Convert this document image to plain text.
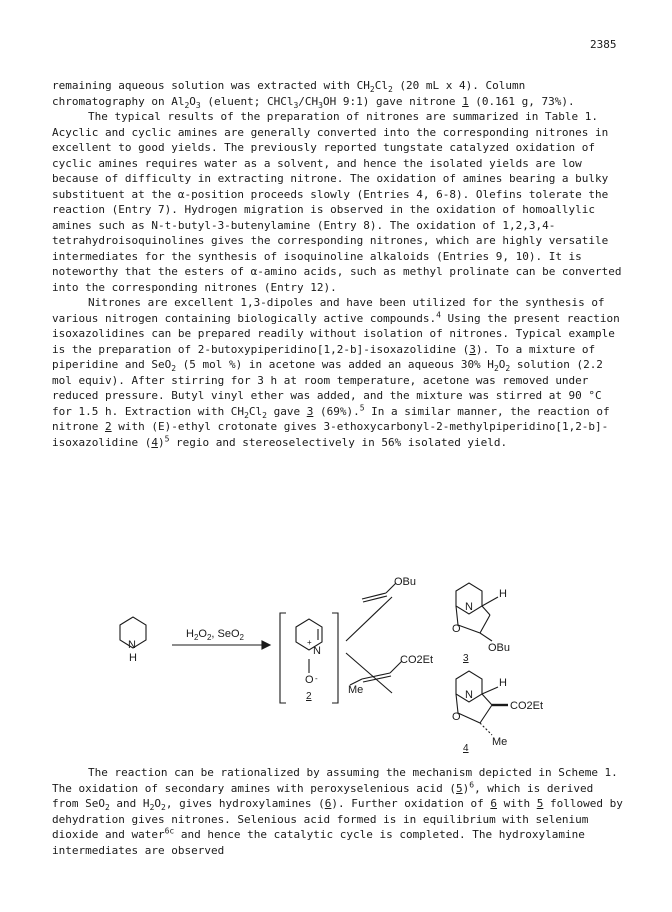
2385

remaining aqueous solution was extracted with $CH_2Cl_2$ (20 mL x 4). Column chromatography on $Al_2O_3$ (eluent; $CHCl_3/CH_3OH$ 9:1) gave nitrone 1 (0.161 g, 73%).

The typical results of the preparation of nitrones are summarized in Table 1. Acyclic and cyclic amines are generally converted into the corresponding nitrones in excellent to good yields. The previously reported tungstate catalyzed oxidation of cyclic amines requires water as a solvent, and hence the isolated yields are low because of difficulty in extracting nitrone. The oxidation of amines bearing a bulky substituent at the α-position proceeds slowly (Entries 4, 6-8). Olefins tolerate the reaction (Entry 7). Hydrogen migration is observed in the oxidation of homoallylic amines such as N-t-butyl-3-butenylamine (Entry 8). The oxidation of 1,2,3,4-tetrahydroisoquinolines gives the corresponding nitrones, which are highly versatile intermediates for the synthesis of isoquinoline alkaloids (Entries 9, 10). It is noteworthy that the esters of α-amino acids, such as methyl prolinate can be converted into the corresponding nitrones (Entry 12).

Nitrones are excellent 1,3-dipoles and have been utilized for the synthesis of various nitrogen containing biologically active compounds.$^4$ Using the present reaction isoxazolidines can be prepared readily without isolation of nitrones. Typical example is the preparation of 2-butoxypiperidino[1,2-b]-isoxazolidine (3). To a mixture of piperidine and SeO$_2$ (5 mol %) in acetone was added an aqueous 30% $H_2O_2$ solution (2.2 mol equiv). After stirring for 3 h at room temperature, acetone was removed under reduced pressure. Butyl vinyl ether was added, and the mixture was stirred at 90 °C for 1.5 h. Extraction with $CH_2Cl_2$ gave 3 (69%).$^5$ In a similar manner, the reaction of nitrone 2 with (E)-ethyl crotonate gives 3-ethoxycarbonyl-2-methylpiperidino[1,2-b]-isoxazolidine $(4)^5$ regio and stereoselectively in 56% isolated yield.

N
H
$H_2O_2$, SeO$_2$
+
N
O -
2
OBu
Me
CO2Et
N
O
H
OBu
3
N
O
H
CO2Et
Me
4

The reaction can be rationalized by assuming the mechanism depicted in Scheme 1. The oxidation of secondary amines with peroxyselenious acid $(5)^6$, which is derived from SeO$_2$ and $H_2O_2$, gives hydroxylamines (6). Further oxidation of 6 with 5 followed by dehydration gives nitrones. Selenious acid formed is in equilibrium with selenium dioxide and water$^{6c}$ and hence the catalytic cycle is completed. The hydroxylamine intermediates are observed
